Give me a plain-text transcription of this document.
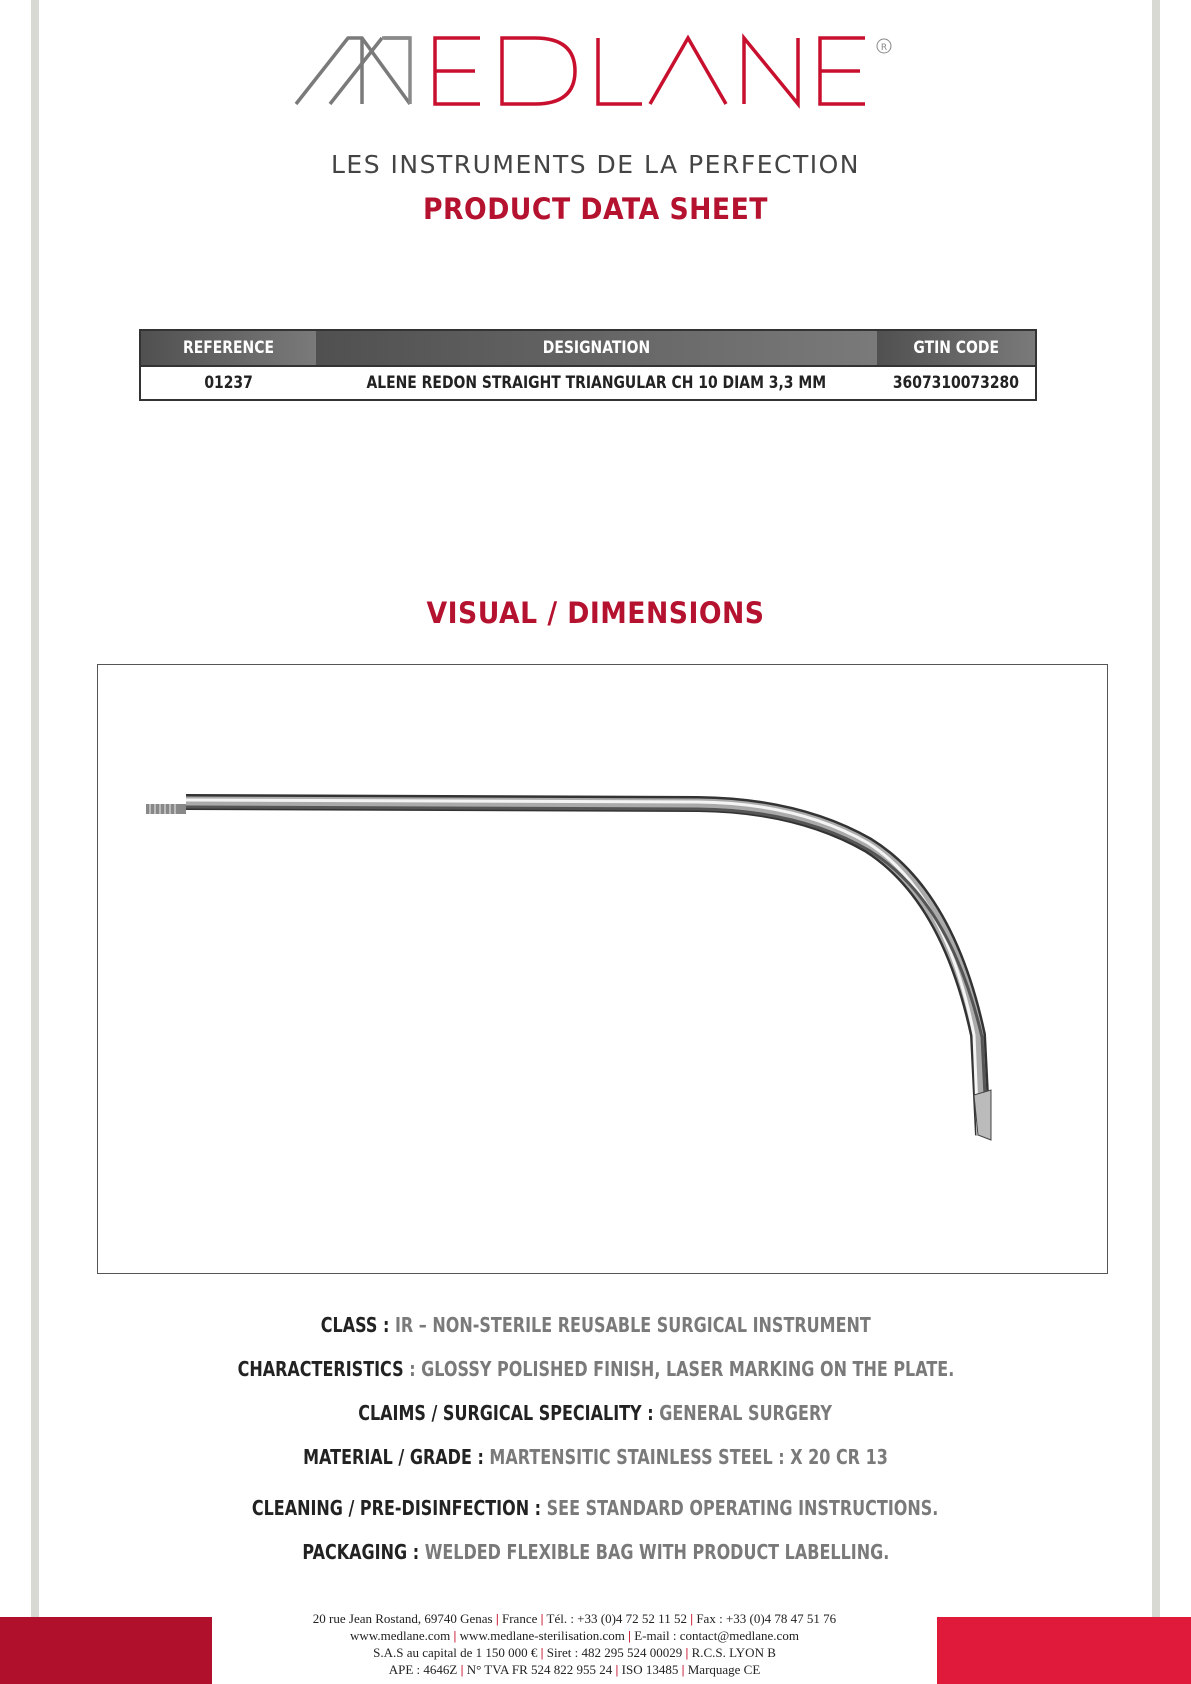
R
LES INSTRUMENTS DE LA PERFECTION
PRODUCT DATA SHEET
REFERENCE	DESIGNATION	GTIN CODE
01237	ALENE REDON STRAIGHT TRIANGULAR CH 10 DIAM 3,3 MM	3607310073280
VISUAL / DIMENSIONS
CLASS : IR – NON-STERILE REUSABLE SURGICAL INSTRUMENT
CHARACTERISTICS : GLOSSY POLISHED FINISH, LASER MARKING ON THE PLATE.
CLAIMS / SURGICAL SPECIALITY : GENERAL SURGERY
MATERIAL / GRADE : MARTENSITIC STAINLESS STEEL : X 20 CR 13
CLEANING / PRE-DISINFECTION : SEE STANDARD OPERATING INSTRUCTIONS.
PACKAGING : WELDED FLEXIBLE BAG WITH PRODUCT LABELLING.
20 rue Jean Rostand, 69740 Genas | France | Tél. : +33 (0)4 72 52 11 52 | Fax : +33 (0)4 78 47 51 76
www.medlane.com | www.medlane-sterilisation.com | E-mail : contact@medlane.com
S.A.S au capital de 1 150 000 € | Siret : 482 295 524 00029 | R.C.S. LYON B
APE : 4646Z | N° TVA FR 524 822 955 24 | ISO 13485 | Marquage CE
